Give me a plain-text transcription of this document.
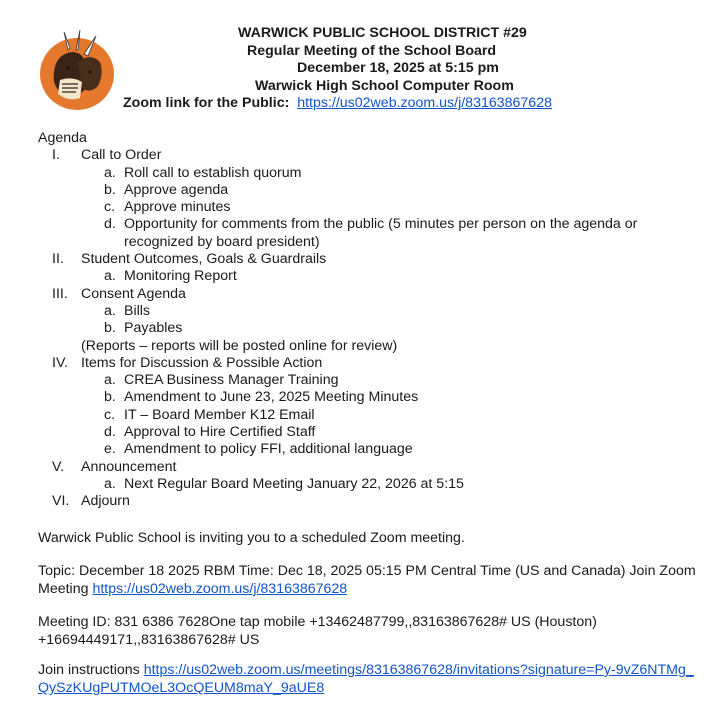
WARWICK PUBLIC SCHOOL DISTRICT #29
Regular Meeting of the School Board
December 18, 2025 at 5:15 pm
Warwick High School Computer Room
Zoom link for the Public: https://us02web.zoom.us/j/83163867628
Agenda
I. Call to Order
a. Roll call to establish quorum
b. Approve agenda
c. Approve minutes
d. Opportunity for comments from the public (5 minutes per person on the agenda or recognized by board president)
II. Student Outcomes, Goals & Guardrails
a. Monitoring Report
III. Consent Agenda
a. Bills
b. Payables
(Reports – reports will be posted online for review)
IV. Items for Discussion & Possible Action
a. CREA Business Manager Training
b. Amendment to June 23, 2025 Meeting Minutes
c. IT – Board Member K12 Email
d. Approval to Hire Certified Staff
e. Amendment to policy FFI, additional language
V. Announcement
a. Next Regular Board Meeting January 22, 2026 at 5:15
VI. Adjourn
Warwick Public School is inviting you to a scheduled Zoom meeting.
Topic: December 18 2025 RBM Time: Dec 18, 2025 05:15 PM Central Time (US and Canada) Join Zoom Meeting https://us02web.zoom.us/j/83163867628
Meeting ID: 831 6386 7628One tap mobile +13462487799,,83163867628# US (Houston) +16694449171,,83163867628# US
Join instructions https://us02web.zoom.us/meetings/83163867628/invitations?signature=Py-9vZ6NTMg_QySzKUgPUTMOeL3OcQEUM8maY_9aUE8
